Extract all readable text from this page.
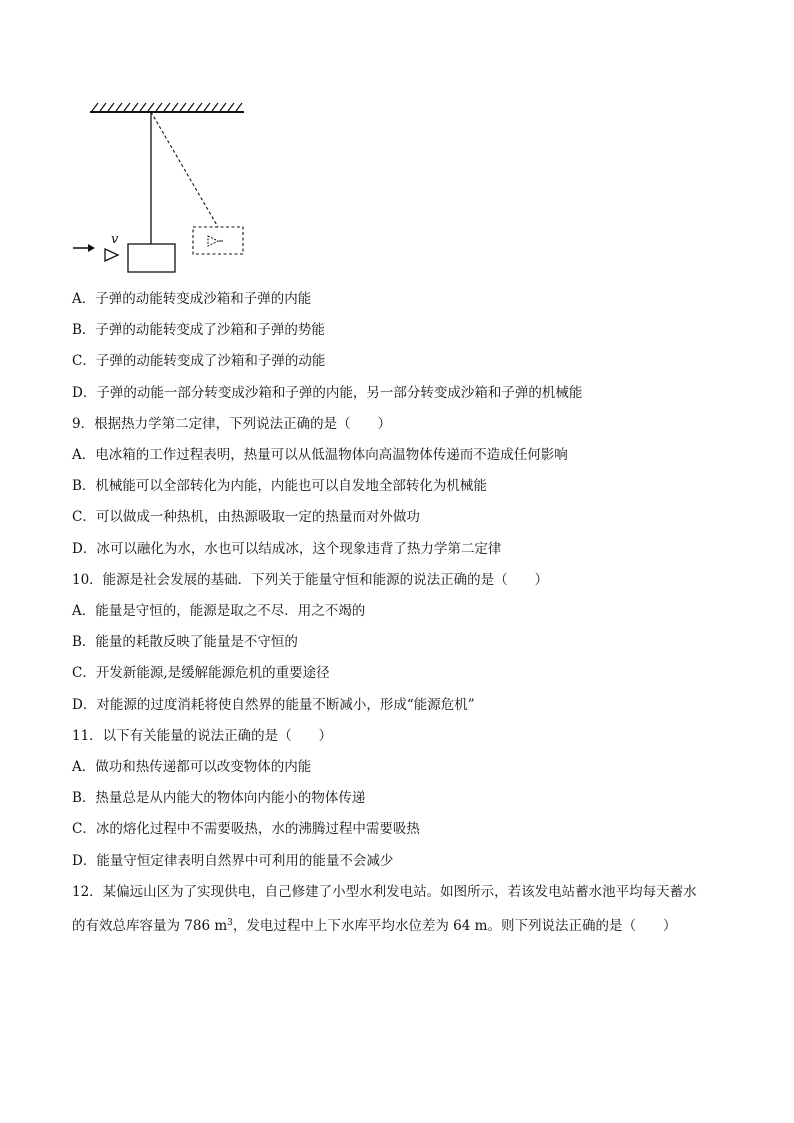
v
A．子弹的动能转变成沙箱和子弹的内能
B．子弹的动能转变成了沙箱和子弹的势能
C．子弹的动能转变成了沙箱和子弹的动能
D．子弹的动能一部分转变成沙箱和子弹的内能，另一部分转变成沙箱和子弹的机械能
9．根据热力学第二定律，下列说法正确的是（　　）
A．电冰箱的工作过程表明，热量可以从低温物体向高温物体传递而不造成任何影响
B．机械能可以全部转化为内能，内能也可以自发地全部转化为机械能
C．可以做成一种热机，由热源吸取一定的热量而对外做功
D．冰可以融化为水，水也可以结成冰，这个现象违背了热力学第二定律
10．能源是社会发展的基础．下列关于能量守恒和能源的说法正确的是（　　）
A．能量是守恒的，能源是取之不尽．用之不竭的
B．能量的耗散反映了能量是不守恒的
C．开发新能源,是缓解能源危机的重要途径
D．对能源的过度消耗将使自然界的能量不断减小，形成“能源危机”
11．以下有关能量的说法正确的是（　　）
A．做功和热传递都可以改变物体的内能
B．热量总是从内能大的物体向内能小的物体传递
C．冰的熔化过程中不需要吸热，水的沸腾过程中需要吸热
D．能量守恒定律表明自然界中可利用的能量不会减少
12．某偏远山区为了实现供电，自己修建了小型水利发电站。如图所示，若该发电站蓄水池平均每天蓄水
的有效总库容量为 786 $m^3$，发电过程中上下水库平均水位差为 64 m。则下列说法正确的是（　　）
